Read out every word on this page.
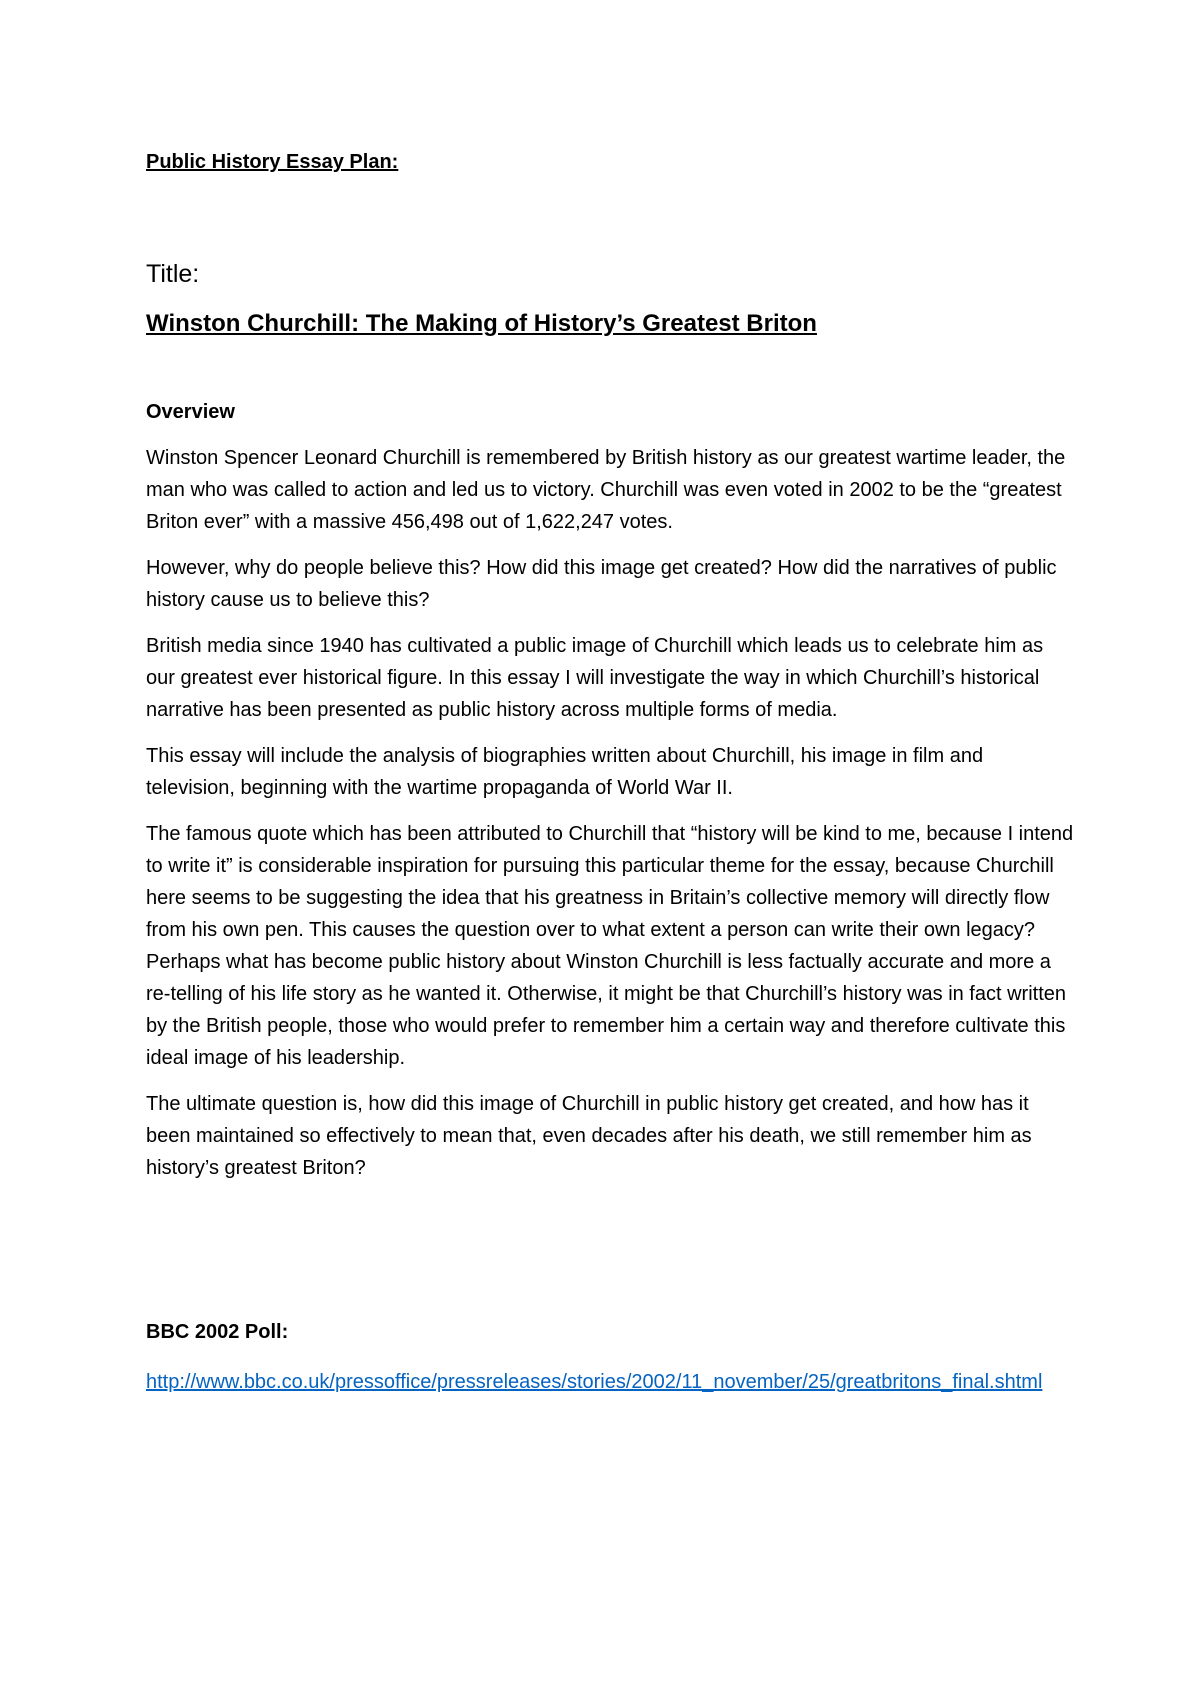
Public History Essay Plan:

Title:

Winston Churchill: The Making of History’s Greatest Briton

Overview

Winston Spencer Leonard Churchill is remembered by British history as our greatest wartime leader, the man who was called to action and led us to victory. Churchill was even voted in 2002 to be the “greatest Briton ever” with a massive 456,498 out of 1,622,247 votes.

However, why do people believe this? How did this image get created? How did the narratives of public history cause us to believe this?

British media since 1940 has cultivated a public image of Churchill which leads us to celebrate him as our greatest ever historical figure. In this essay I will investigate the way in which Churchill’s historical narrative has been presented as public history across multiple forms of media.

This essay will include the analysis of biographies written about Churchill, his image in film and television, beginning with the wartime propaganda of World War II.

The famous quote which has been attributed to Churchill that “history will be kind to me, because I intend to write it” is considerable inspiration for pursuing this particular theme for the essay, because Churchill here seems to be suggesting the idea that his greatness in Britain’s collective memory will directly flow from his own pen. This causes the question over to what extent a person can write their own legacy? Perhaps what has become public history about Winston Churchill is less factually accurate and more a re-telling of his life story as he wanted it. Otherwise, it might be that Churchill’s history was in fact written by the British people, those who would prefer to remember him a certain way and therefore cultivate this ideal image of his leadership.

The ultimate question is, how did this image of Churchill in public history get created, and how has it been maintained so effectively to mean that, even decades after his death, we still remember him as history’s greatest Briton?

BBC 2002 Poll:

http://www.bbc.co.uk/pressoffice/pressreleases/stories/2002/11_november/25/greatbritons_final.shtml
